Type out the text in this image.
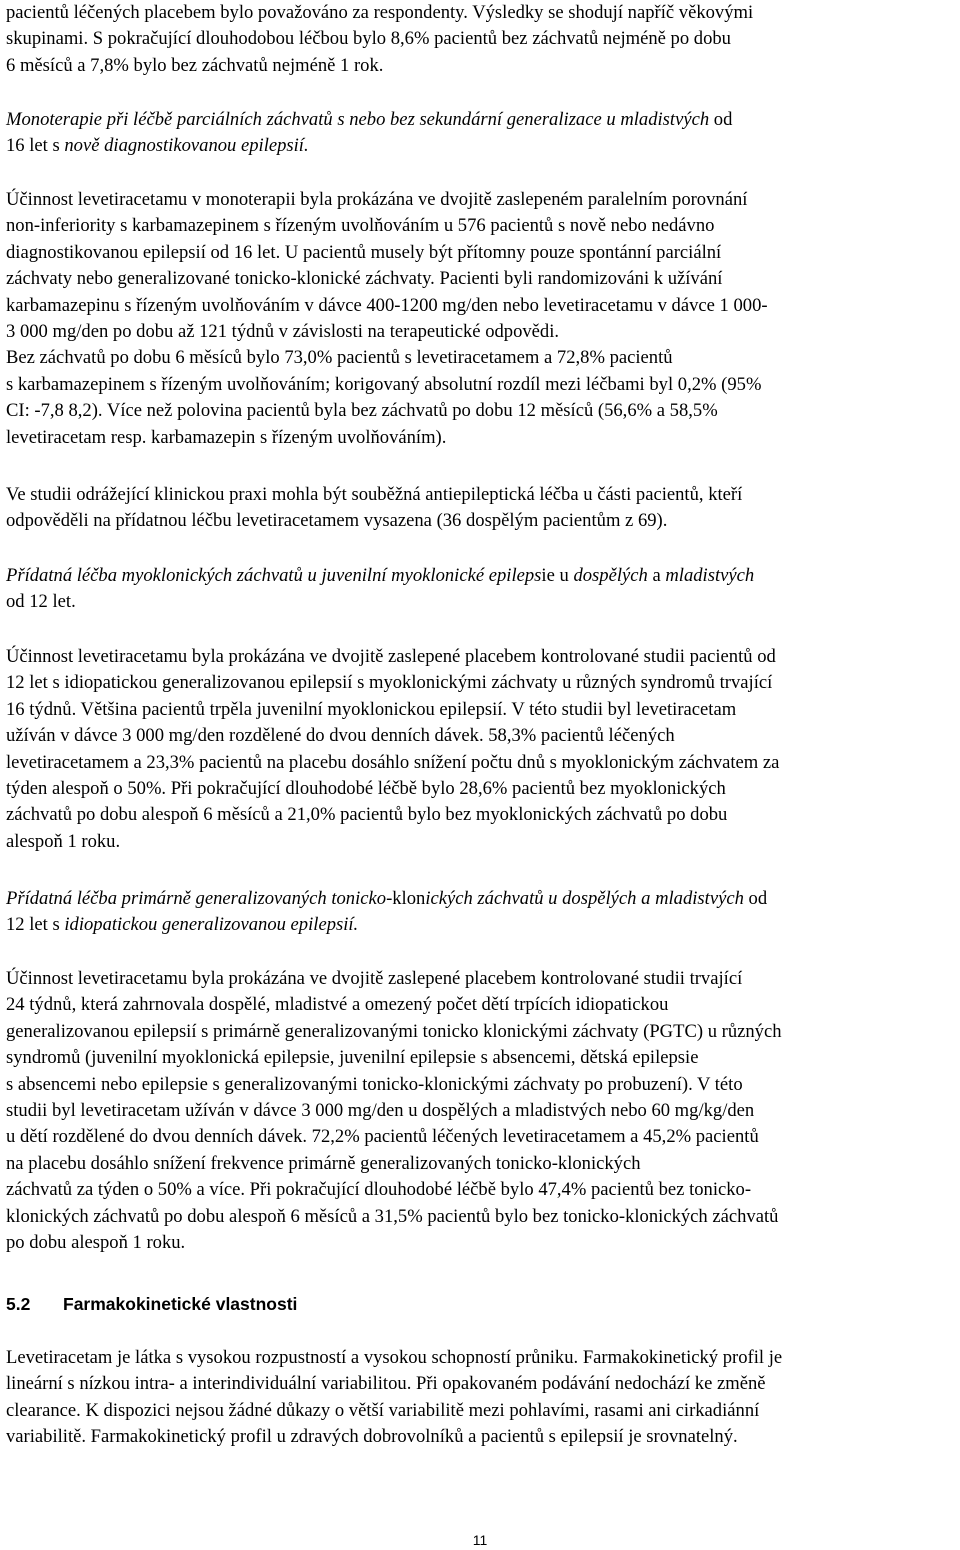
pacientů léčených placebem bylo považováno za respondenty. Výsledky se shodují napříč věkovými
skupinami. S pokračující dlouhodobou léčbou bylo 8,6% pacientů bez záchvatů nejméně po dobu
6 měsíců a 7,8% bylo bez záchvatů nejméně 1 rok.
Monoterapie při léčbě parciálních záchvatů s nebo bez sekundární generalizace u mladistvých od
16 let s nově diagnostikovanou epilepsií.
Účinnost levetiracetamu v monoterapii byla prokázána ve dvojitě zaslepeném paralelním porovnání
non-inferiority s karbamazepinem s řízeným uvolňováním u 576 pacientů s nově nebo nedávno
diagnostikovanou epilepsií od 16 let. U pacientů musely být přítomny pouze spontánní parciální
záchvaty nebo generalizované tonicko-klonické záchvaty. Pacienti byli randomizováni k užívání
karbamazepinu s řízeným uvolňováním v dávce 400-1200 mg/den nebo levetiracetamu v dávce 1 000-
3 000 mg/den po dobu až 121 týdnů v závislosti na terapeutické odpovědi.
Bez záchvatů po dobu 6 měsíců bylo 73,0% pacientů s levetiracetamem a 72,8% pacientů
s karbamazepinem s řízeným uvolňováním; korigovaný absolutní rozdíl mezi léčbami byl 0,2% (95%
CI: -7,8 8,2). Více než polovina pacientů byla bez záchvatů po dobu 12 měsíců (56,6% a 58,5%
levetiracetam resp. karbamazepin s řízeným uvolňováním).
Ve studii odrážející klinickou praxi mohla být souběžná antiepileptická léčba u části pacientů, kteří
odpověděli na přídatnou léčbu levetiracetamem vysazena (36 dospělým pacientům z 69).
Přídatná léčba myoklonických záchvatů u juvenilní myoklonické epilepsie u dospělých a mladistvých
od 12 let.
Účinnost levetiracetamu byla prokázána ve dvojitě zaslepené placebem kontrolované studii pacientů od
12 let s idiopatickou generalizovanou epilepsií s myoklonickými záchvaty u různých syndromů trvající
16 týdnů. Většina pacientů trpěla juvenilní myoklonickou epilepsií. V této studii byl levetiracetam
užíván v dávce 3 000 mg/den rozdělené do dvou denních dávek. 58,3% pacientů léčených
levetiracetamem a 23,3% pacientů na placebu dosáhlo snížení počtu dnů s myoklonickým záchvatem za
týden alespoň o 50%. Při pokračující dlouhodobé léčbě bylo 28,6% pacientů bez myoklonických
záchvatů po dobu alespoň 6 měsíců a 21,0% pacientů bylo bez myoklonických záchvatů po dobu
alespoň 1 roku.
Přídatná léčba primárně generalizovaných tonicko-klonických záchvatů u dospělých a mladistvých od
12 let s idiopatickou generalizovanou epilepsií.
Účinnost levetiracetamu byla prokázána ve dvojitě zaslepené placebem kontrolované studii trvající
24 týdnů, která zahrnovala dospělé, mladistvé a omezený počet dětí trpících idiopatickou
generalizovanou epilepsií s primárně generalizovanými tonicko klonickými záchvaty (PGTC) u různých
syndromů (juvenilní myoklonická epilepsie, juvenilní epilepsie s absencemi, dětská epilepsie
s absencemi nebo epilepsie s generalizovanými tonicko-klonickými záchvaty po probuzení). V této
studii byl levetiracetam užíván v dávce 3 000 mg/den u dospělých a mladistvých nebo 60 mg/kg/den
u dětí rozdělené do dvou denních dávek. 72,2% pacientů léčených levetiracetamem a 45,2% pacientů
na placebu dosáhlo snížení frekvence primárně generalizovaných tonicko-klonických
záchvatů za týden o 50% a více. Při pokračující dlouhodobé léčbě bylo 47,4% pacientů bez tonicko-
klonických záchvatů po dobu alespoň 6 měsíců a 31,5% pacientů bylo bez tonicko-klonických záchvatů
po dobu alespoň 1 roku.
5.2 Farmakokinetické vlastnosti
Levetiracetam je látka s vysokou rozpustností a vysokou schopností průniku. Farmakokinetický profil je
lineární s nízkou intra- a interindividuální variabilitou. Při opakovaném podávání nedochází ke změně
clearance. K dispozici nejsou žádné důkazy o větší variabilitě mezi pohlavími, rasami ani cirkadiánní
variabilitě. Farmakokinetický profil u zdravých dobrovolníků a pacientů s epilepsií je srovnatelný.
11
